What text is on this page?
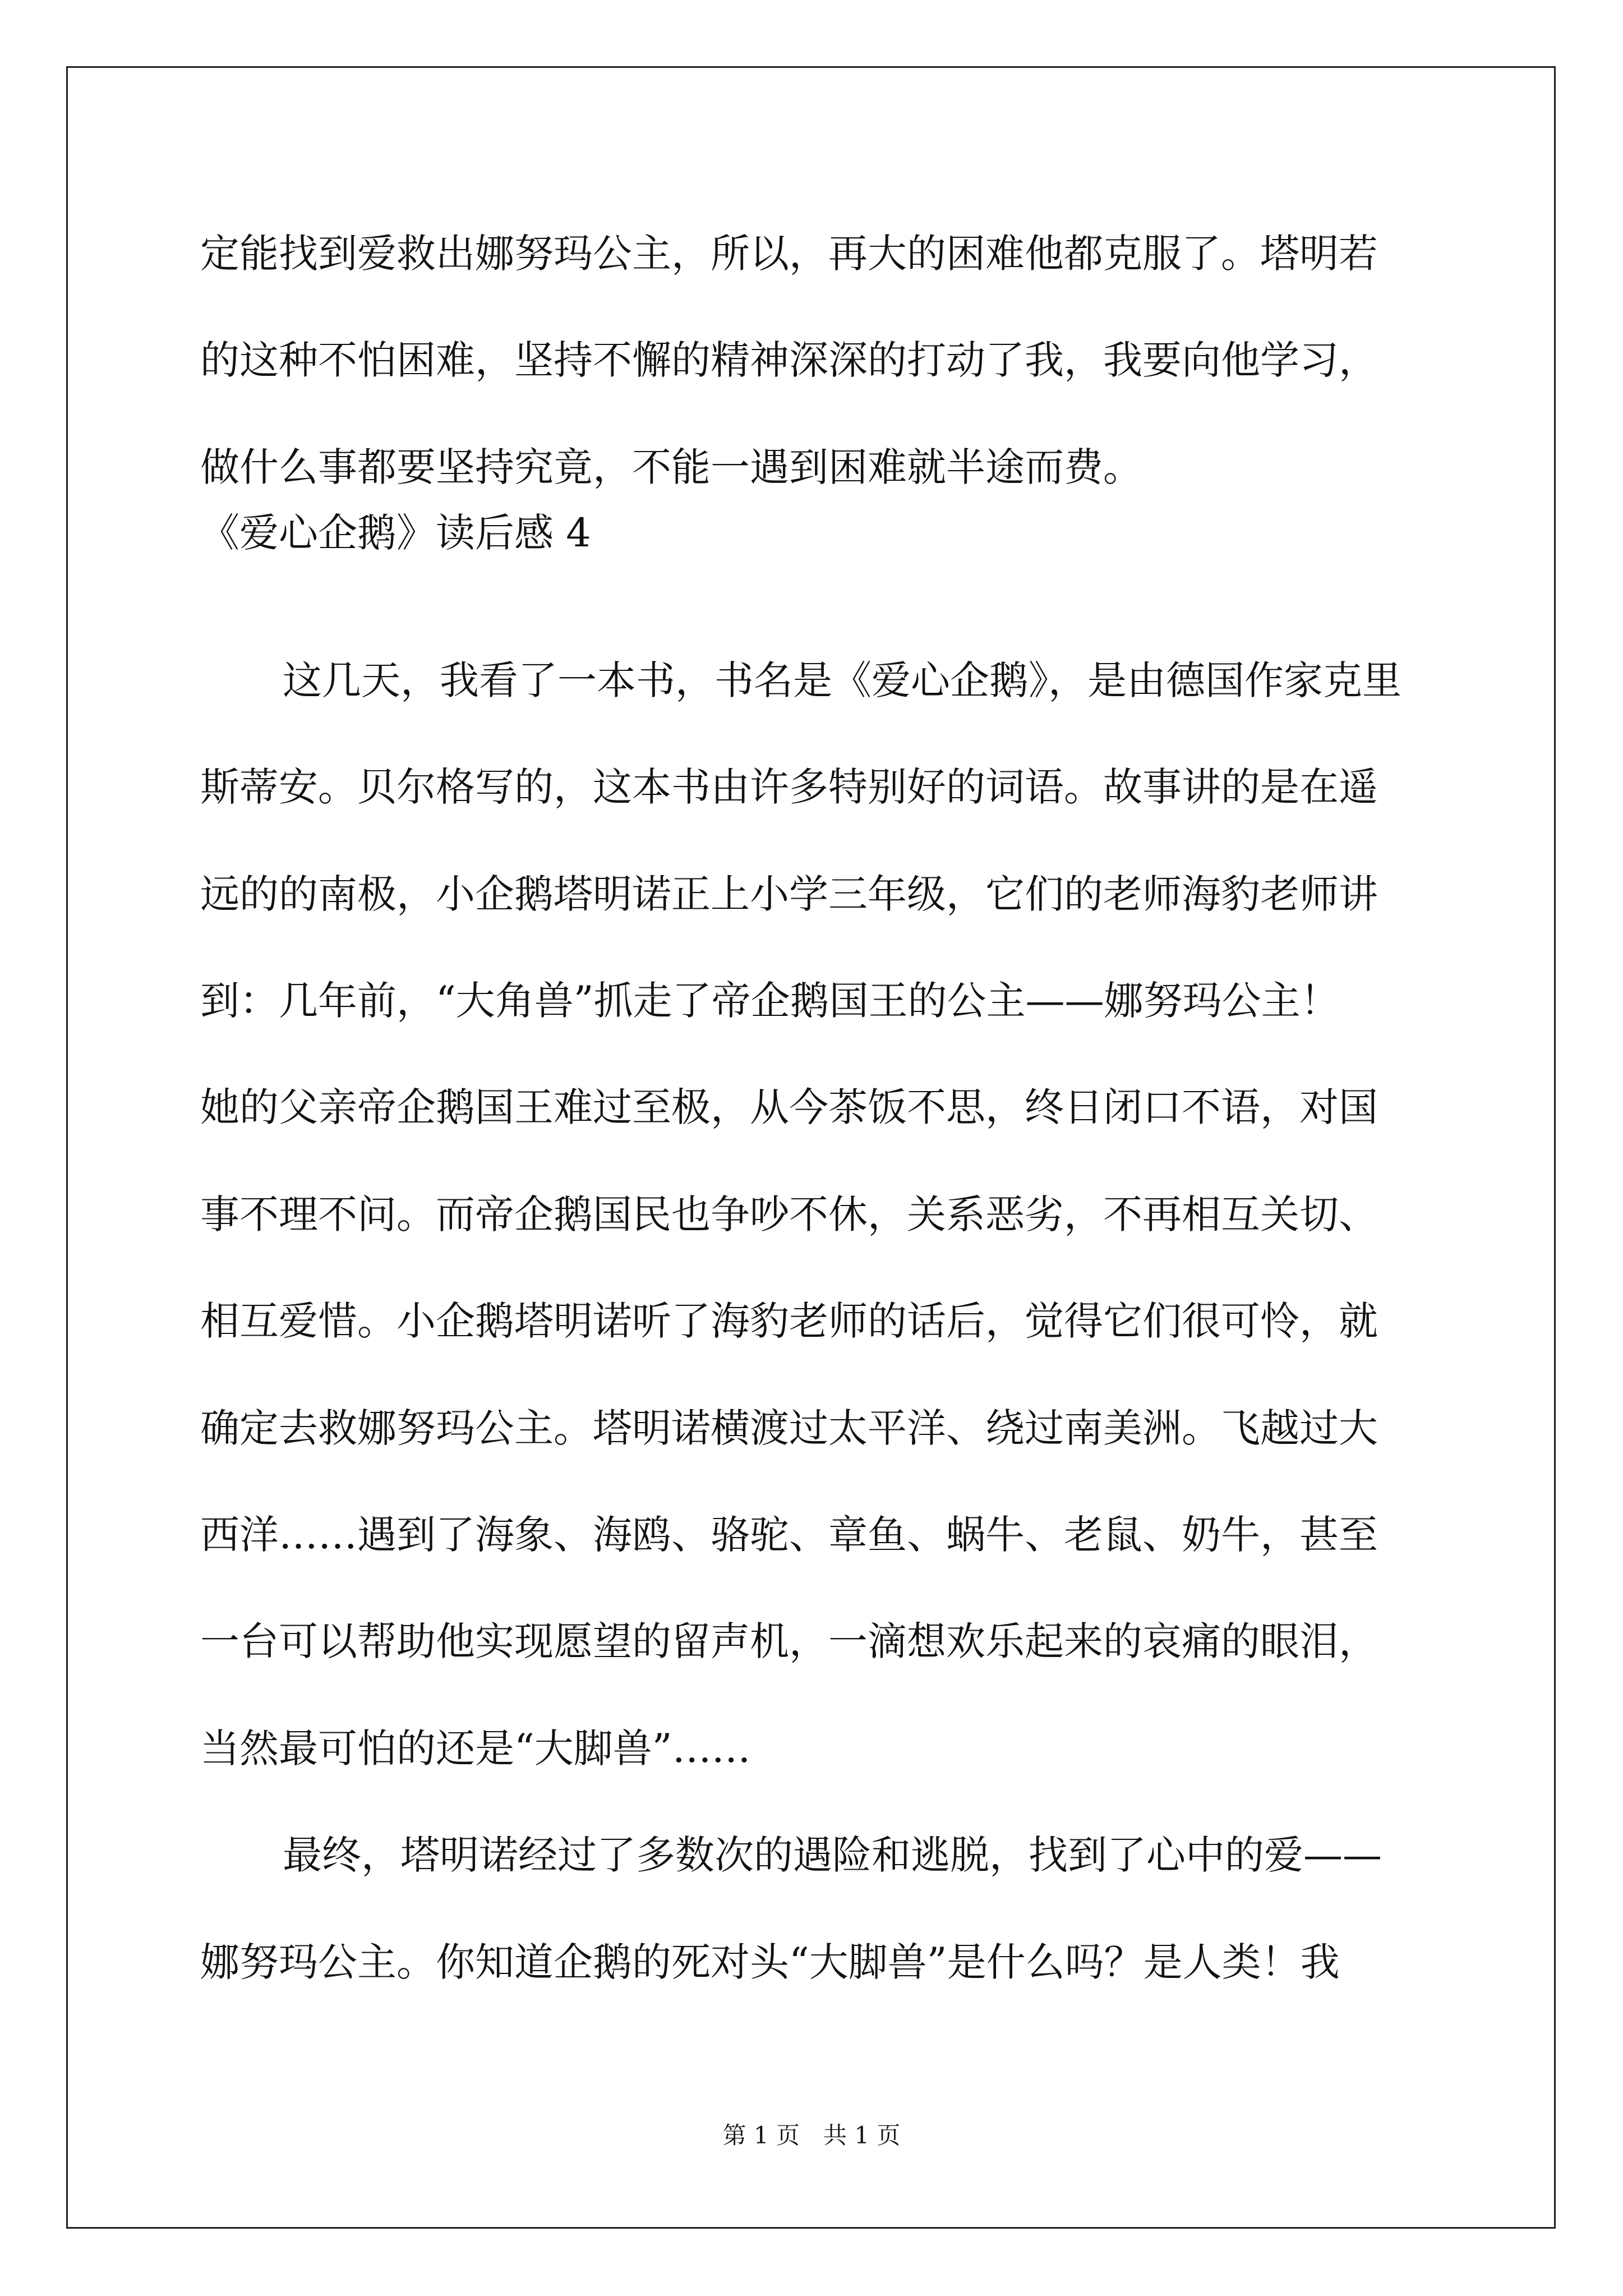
定能找到爱救出娜努玛公主，所以，再大的困难他都克服了。塔明若
的这种不怕困难，坚持不懈的精神深深的打动了我，我要向他学习，
做什么事都要坚持究竟，不能一遇到困难就半途而费。
《爱心企鹅》读后感 4
这几天，我看了一本书，书名是《爱心企鹅》，是由德国作家克里
斯蒂安。贝尔格写的，这本书由许多特别好的词语。故事讲的是在遥
远的的南极，小企鹅塔明诺正上小学三年级，它们的老师海豹老师讲
到：几年前，“大角兽”抓走了帝企鹅国王的公主——娜努玛公主！
她的父亲帝企鹅国王难过至极，从今茶饭不思，终日闭口不语，对国
事不理不问。而帝企鹅国民也争吵不休，关系恶劣，不再相互关切、
相互爱惜。小企鹅塔明诺听了海豹老师的话后，觉得它们很可怜，就
确定去救娜努玛公主。塔明诺横渡过太平洋、绕过南美洲。飞越过大
西洋……遇到了海象、海鸥、骆驼、章鱼、蜗牛、老鼠、奶牛，甚至
一台可以帮助他实现愿望的留声机，一滴想欢乐起来的哀痛的眼泪，
当然最可怕的还是“大脚兽”……
最终，塔明诺经过了多数次的遇险和逃脱，找到了心中的爱——
娜努玛公主。你知道企鹅的死对头“大脚兽”是什么吗？是人类！我
第 1 页　共 1 页
